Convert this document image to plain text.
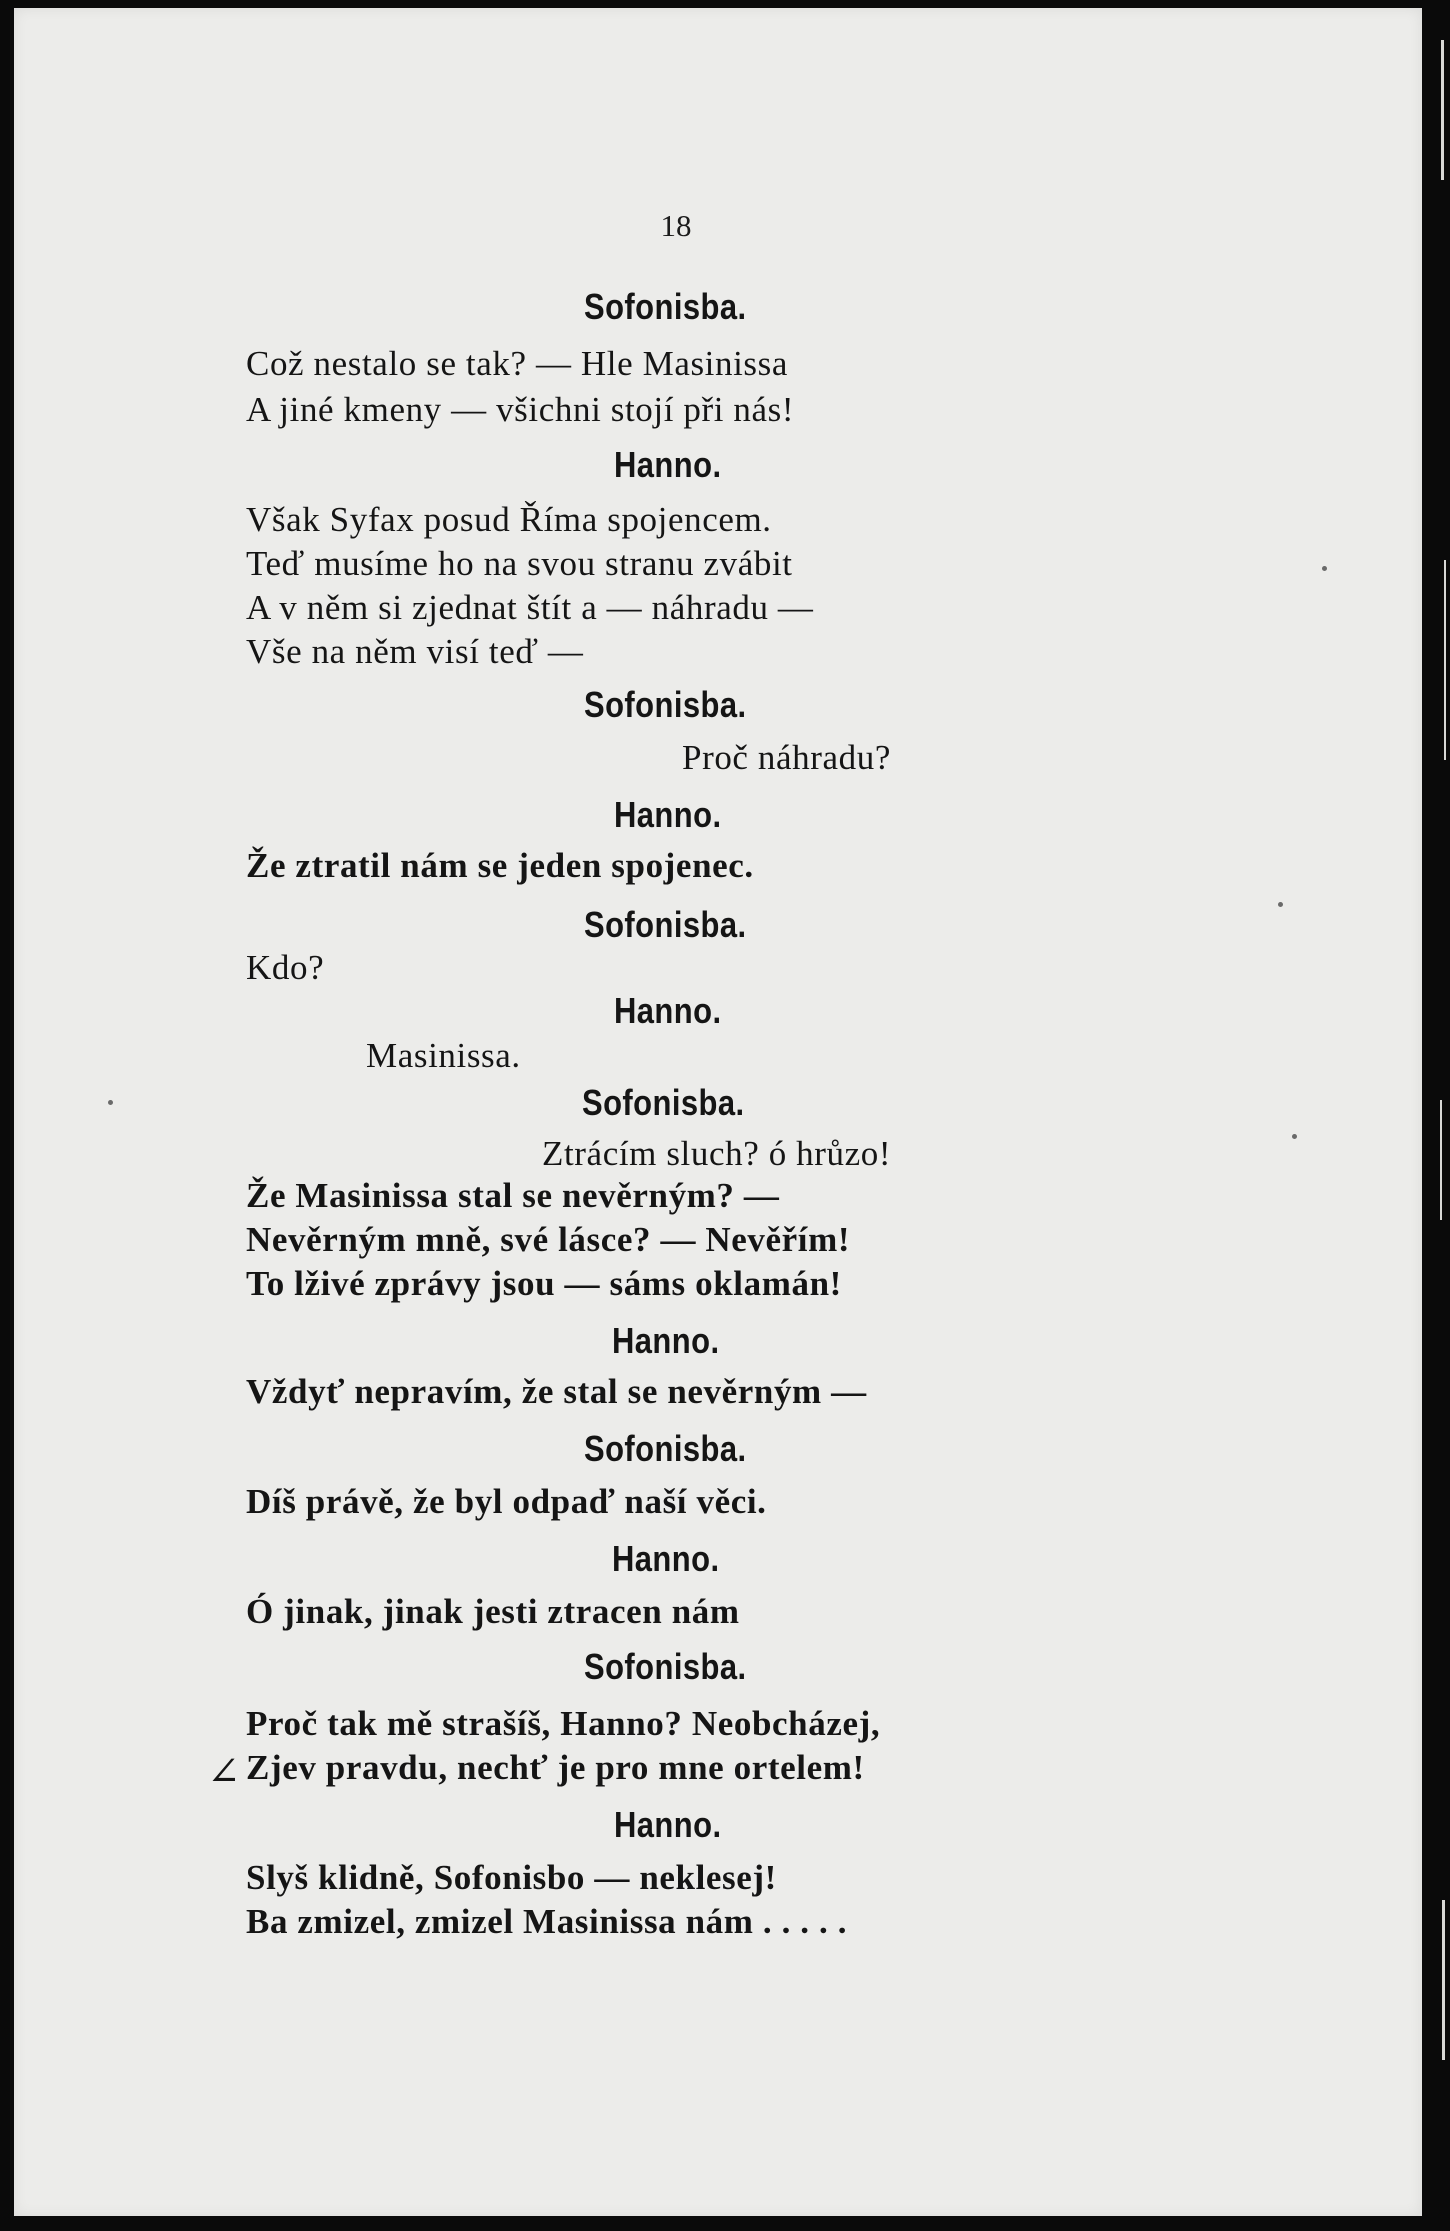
18
Sofonisba.
Což nestalo se tak? — Hle Masinissa
A jiné kmeny — všichni stojí při nás!
Hanno.
Však Syfax posud Říma spojencem.
Teď musíme ho na svou stranu zvábit
A v něm si zjednat štít a — náhradu —
Vše na něm visí teď —
Sofonisba.
Proč náhradu?
Hanno.
Že ztratil nám se jeden spojenec.
Sofonisba.
Kdo?
Hanno.
Masinissa.
Sofonisba.
Ztrácím sluch? ó hrůzo!
Že Masinissa stal se nevěrným? —
Nevěrným mně, své lásce? — Nevěřím!
To lživé zprávy jsou — sáms oklamán!
Hanno.
Vždyť nepravím, že stal se nevěrným —
Sofonisba.
Díš právě, že byl odpaď naší věci.
Hanno.
Ó jinak, jinak jesti ztracen nám
Sofonisba.
Proč tak mě strašíš, Hanno? Neobcházej,
∠ Zjev pravdu, nechť je pro mne ortelem!
Hanno.
Slyš klidně, Sofonisbo — neklesej!
Ba zmizel, zmizel Masinissa nám . . . . .
